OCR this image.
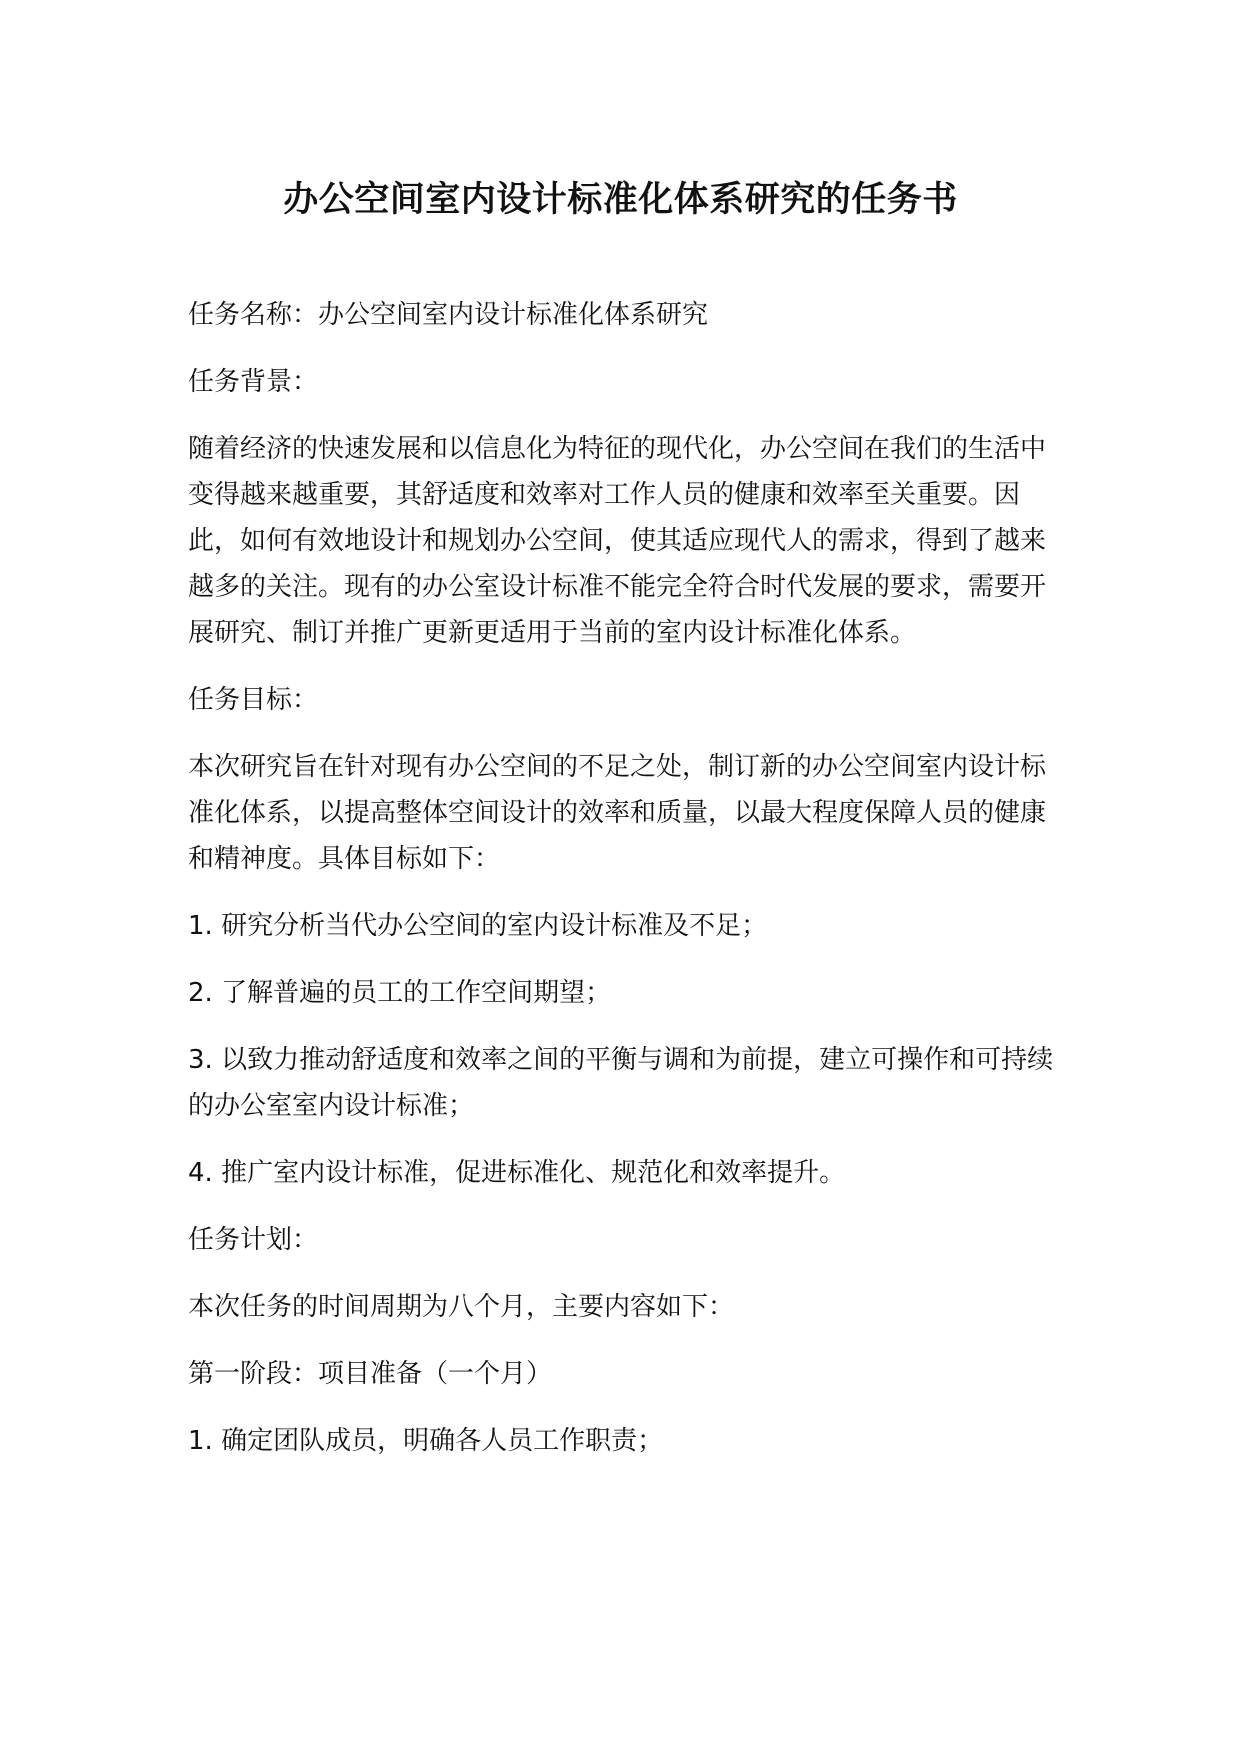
办公空间室内设计标准化体系研究的任务书

任务名称：办公空间室内设计标准化体系研究

任务背景：

随着经济的快速发展和以信息化为特征的现代化，办公空间在我们的生活中变得越来越重要，其舒适度和效率对工作人员的健康和效率至关重要。因此，如何有效地设计和规划办公空间，使其适应现代人的需求，得到了越来越多的关注。现有的办公室设计标准不能完全符合时代发展的要求，需要开展研究、制订并推广更新更适用于当前的室内设计标准化体系。

任务目标：

本次研究旨在针对现有办公空间的不足之处，制订新的办公空间室内设计标准化体系，以提高整体空间设计的效率和质量，以最大程度保障人员的健康和精神度。具体目标如下：

1. 研究分析当代办公空间的室内设计标准及不足；

2. 了解普遍的员工的工作空间期望；

3. 以致力推动舒适度和效率之间的平衡与调和为前提，建立可操作和可持续的办公室室内设计标准；

4. 推广室内设计标准，促进标准化、规范化和效率提升。

任务计划：

本次任务的时间周期为八个月，主要内容如下：

第一阶段：项目准备（一个月）

1. 确定团队成员，明确各人员工作职责；
